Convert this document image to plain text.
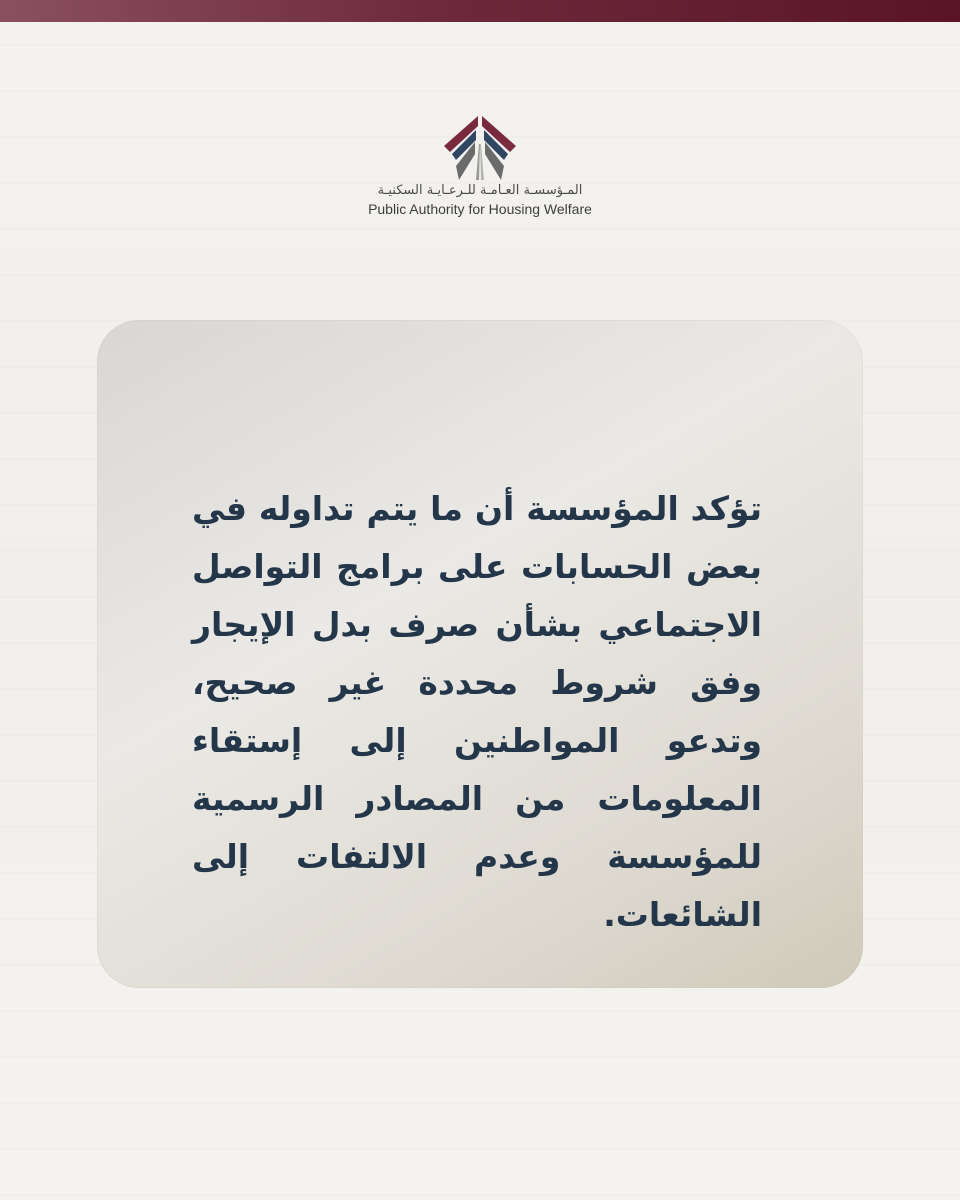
المـؤسسـة العـامـة للـرعـايـة السكنيـة
Public Authority for Housing Welfare

تؤكد المؤسسة أن ما يتم تداوله في بعض الحسابات على برامج التواصل الاجتماعي بشأن صرف بدل الإيجار وفق شروط محددة غير صحيح، وتدعو المواطنين إلى إستقاء المعلومات من المصادر الرسمية للمؤسسة وعدم الالتفات إلى الشائعات.
